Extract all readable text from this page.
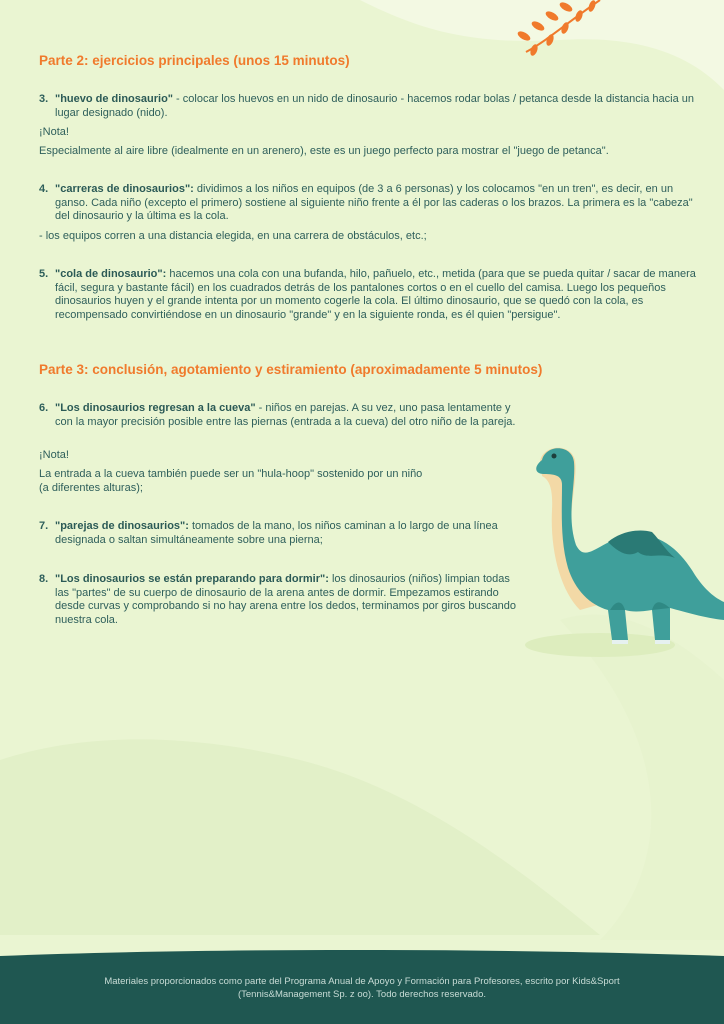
Parte 2: ejercicios principales (unos 15 minutos)
3. "huevo de dinosaurio" - colocar los huevos en un nido de dinosaurio - hacemos rodar bolas / petanca desde la distancia hacia un lugar designado (nido).

¡Nota!

Especialmente al aire libre (idealmente en un arenero), este es un juego perfecto para mostrar el "juego de petanca".

4. "carreras de dinosaurios": dividimos a los niños en equipos (de 3 a 6 personas) y los colocamos "en un tren", es decir, en un ganso. Cada niño (excepto el primero) sostiene al siguiente niño frente a él por las caderas o los brazos. La primera es la "cabeza" del dinosaurio y la última es la cola.

- los equipos corren a una distancia elegida, en una carrera de obstáculos, etc.;

5. "cola de dinosaurio": hacemos una cola con una bufanda, hilo, pañuelo, etc., metida (para que se pueda quitar / sacar de manera fácil, segura y bastante fácil) en los cuadrados detrás de los pantalones cortos o en el cuello del camisa. Luego los pequeños dinosaurios huyen y el grande intenta por un momento cogerle la cola. El último dinosaurio, que se quedó con la cola, es recompensado convirtiéndose en un dinosaurio "grande" y en la siguiente ronda, es él quien "persigue".
Parte 3: conclusión, agotamiento y estiramiento (aproximadamente 5 minutos)
6. "Los dinosaurios regresan a la cueva" - niños en parejas. A su vez, uno pasa lentamente y con la mayor precisión posible entre las piernas (entrada a la cueva) del otro niño de la pareja.

¡Nota!

La entrada a la cueva también puede ser un "hula-hoop" sostenido por un niño

(a diferentes alturas);

7. "parejas de dinosaurios": tomados de la mano, los niños caminan a lo largo de una línea designada o saltan simultáneamente sobre una pierna;
8. "Los dinosaurios se están preparando para dormir": los dinosaurios (niños) limpian todas las "partes" de su cuerpo de dinosaurio de la arena antes de dormir. Empezamos estirando desde curvas y comprobando si no hay arena entre los dedos, terminamos por giros buscando nuestra cola.
Materiales proporcionados como parte del Programa Anual de Apoyo y Formación para Profesores, escrito por Kids&Sport
(Tennis&Management Sp. z oo). Todo derechos reservado.
